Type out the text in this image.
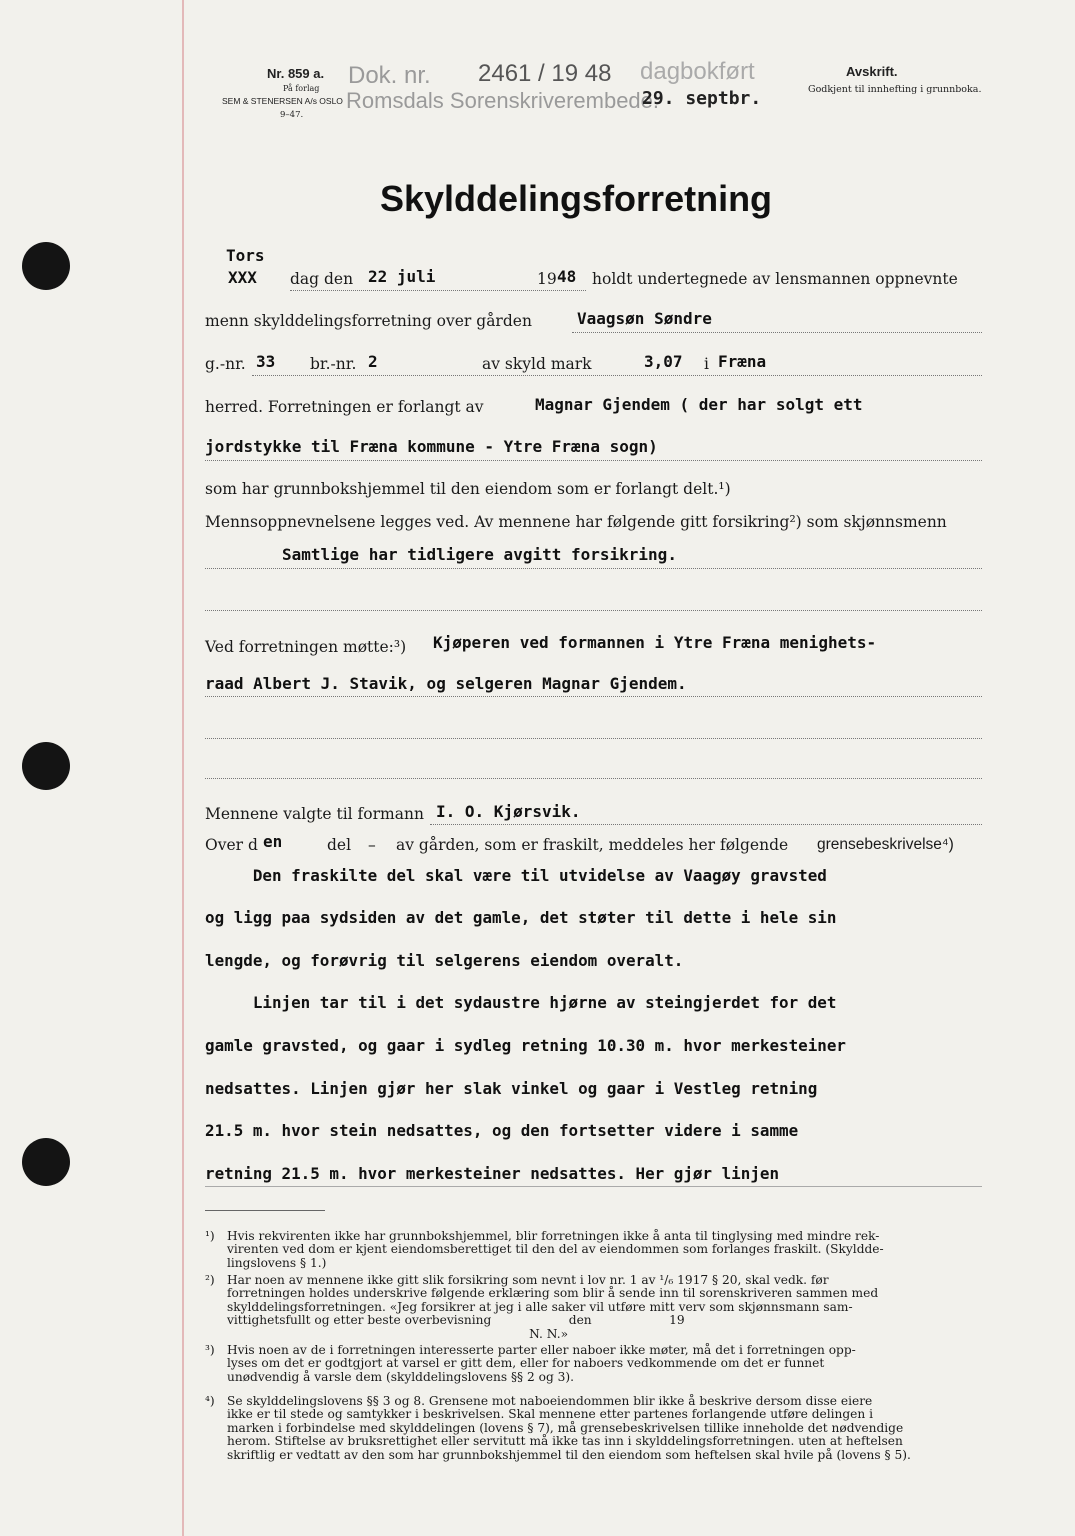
Nr. 859 a.
På forlag
SEM & STENERSEN A/s OSLO
9–47.
Dok. nr. 2461 / 19 48 dagbokført
Romsdals Sorenskriverembede.
29. septbr.
Avskrift.
Godkjent til innhefting i grunnboka.
Skylddelingsforretning
Tors
XXX dag den 22 juli	19 48 holdt undertegnede av lensmannen oppnevnte
menn skylddelingsforretning over gården	Vaagsøn Søndre
g.-nr. 33 br.-nr. 2	av skyld mark	3,07 i Fræna
herred. Forretningen er forlangt av	Magnar Gjendem ( der har solgt ett
jordstykke til Fræna kommune - Ytre Fræna sogn)
som har grunnbokshjemmel til den eiendom som er forlangt delt.¹)
Mennsoppnevnelsene legges ved. Av mennene har følgende gitt forsikring²) som skjønnsmenn
Samtlige har tidligere avgitt forsikring.
Ved forretningen møtte:³) Kjøperen ved formannen i Ytre Fræna menighets-
raad Albert J. Stavik, og selgeren Magnar Gjendem.
Mennene valgte til formann I. O. Kjørsvik.
Over d en	del – av gården, som er fraskilt, meddeles her følgende grensebeskrivelse⁴)
Den fraskilte del skal være til utvidelse av Vaagøy gravsted
og ligg paa sydsiden av det gamle, det støter til dette i hele sin
lengde, og forøvrig til selgerens eiendom overalt.
Linjen tar til i det sydaustre hjørne av steingjerdet for det
gamle gravsted, og gaar i sydleg retning 10.30 m. hvor merkesteiner
nedsattes. Linjen gjør her slak vinkel og gaar i Vestleg retning
21.5 m. hvor stein nedsattes, og den fortsetter videre i samme
retning 21.5 m. hvor merkesteiner nedsattes. Her gjør linjen
¹) Hvis rekvirenten ikke har grunnbokshjemmel, blir forretningen ikke å anta til tinglysing med mindre rek-
virenten ved dom er kjent eiendomsberettiget til den del av eiendommen som forlanges fraskilt. (Skyldde-
lingslovens § 1.)
²) Har noen av mennene ikke gitt slik forsikring som nevnt i lov nr. 1 av ¹/₆ 1917 § 20, skal vedk. før
forretningen holdes underskrive følgende erklæring som blir å sende inn til sorenskriveren sammen med
skylddelingsforretningen. «Jeg forsikrer at jeg i alle saker vil utføre mitt verv som skjønnsmann sam-
vittighetsfullt og etter beste overbevisning                    den                    19
N. N.»
³) Hvis noen av de i forretningen interesserte parter eller naboer ikke møter, må det i forretningen opp-
lyses om det er godtgjort at varsel er gitt dem, eller for naboers vedkommende om det er funnet
unødvendig å varsle dem (skylddelingslovens §§ 2 og 3).
⁴) Se skylddelingslovens §§ 3 og 8. Grensene mot naboeiendommen blir ikke å beskrive dersom disse eiere
ikke er til stede og samtykker i beskrivelsen. Skal mennene etter partenes forlangende utføre delingen i
marken i forbindelse med skylddelingen (lovens § 7), må grensebeskrivelsen tillike inneholde det nødvendige
herom. Stiftelse av bruksrettighet eller servitutt må ikke tas inn i skylddelingsforretningen. uten at heftelsen
skriftlig er vedtatt av den som har grunnbokshjemmel til den eiendom som heftelsen skal hvile på (lovens § 5).
